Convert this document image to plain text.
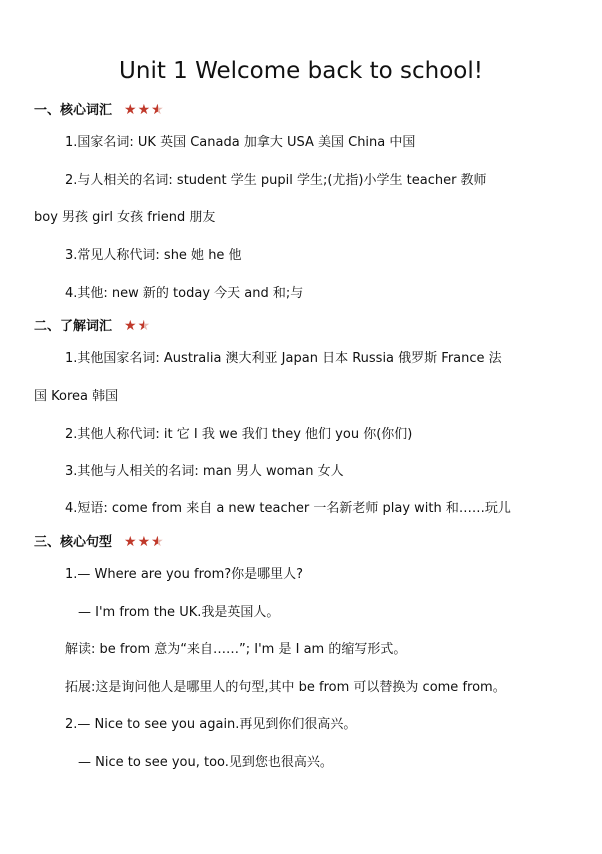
Unit 1 Welcome back to school!
一、核心词汇 ★★★ ★
1.国家名词: UK 英国 Canada 加拿大 USA 美国 China 中国
2.与人相关的名词: student 学生 pupil 学生;(尤指)小学生 teacher 教师
boy 男孩 girl 女孩 friend 朋友
3.常见人称代词: she 她 he 他
4.其他: new 新的 today 今天 and 和;与
二、了解词汇 ★★ ★
1.其他国家名词: Australia 澳大利亚 Japan 日本 Russia 俄罗斯 France 法
国 Korea 韩国
2.其他人称代词: it 它 I 我 we 我们 they 他们 you 你(你们)
3.其他与人相关的名词: man 男人 woman 女人
4.短语: come from 来自 a new teacher 一名新老师 play with 和……玩儿
三、核心句型 ★★★ ★
1.— Where are you from?你是哪里人?
— I'm from the UK.我是英国人。
解读: be from 意为“来自……”; I'm 是 I am 的缩写形式。
拓展:这是询问他人是哪里人的句型,其中 be from 可以替换为 come from。
2.— Nice to see you again.再见到你们很高兴。
— Nice to see you, too.见到您也很高兴。
